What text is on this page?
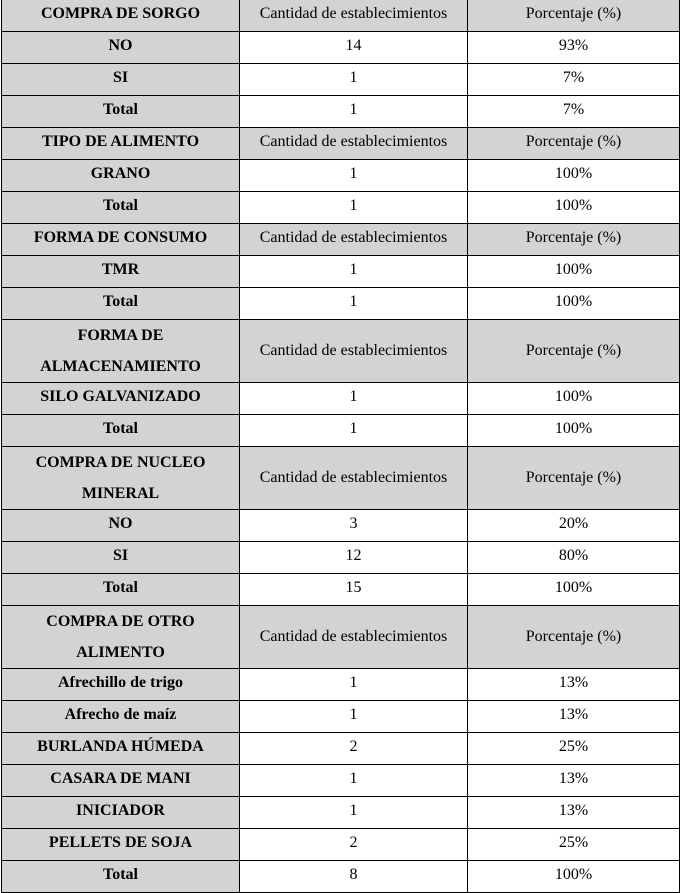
COMPRA DE SORGO	Cantidad de establecimientos	Porcentaje (%)
NO	14	93%
SI	1	7%
Total	1	7%
TIPO DE ALIMENTO	Cantidad de establecimientos	Porcentaje (%)
GRANO	1	100%
Total	1	100%
FORMA DE CONSUMO	Cantidad de establecimientos	Porcentaje (%)
TMR	1	100%
Total	1	100%
FORMA DE ALMACENAMIENTO	Cantidad de establecimientos	Porcentaje (%)
SILO GALVANIZADO	1	100%
Total	1	100%
COMPRA DE NUCLEO MINERAL	Cantidad de establecimientos	Porcentaje (%)
NO	3	20%
SI	12	80%
Total	15	100%
COMPRA DE OTRO ALIMENTO	Cantidad de establecimientos	Porcentaje (%)
Afrechillo de trigo	1	13%
Afrecho de maíz	1	13%
BURLANDA HÚMEDA	2	25%
CASARA DE MANI	1	13%
INICIADOR	1	13%
PELLETS DE SOJA	2	25%
Total	8	100%
